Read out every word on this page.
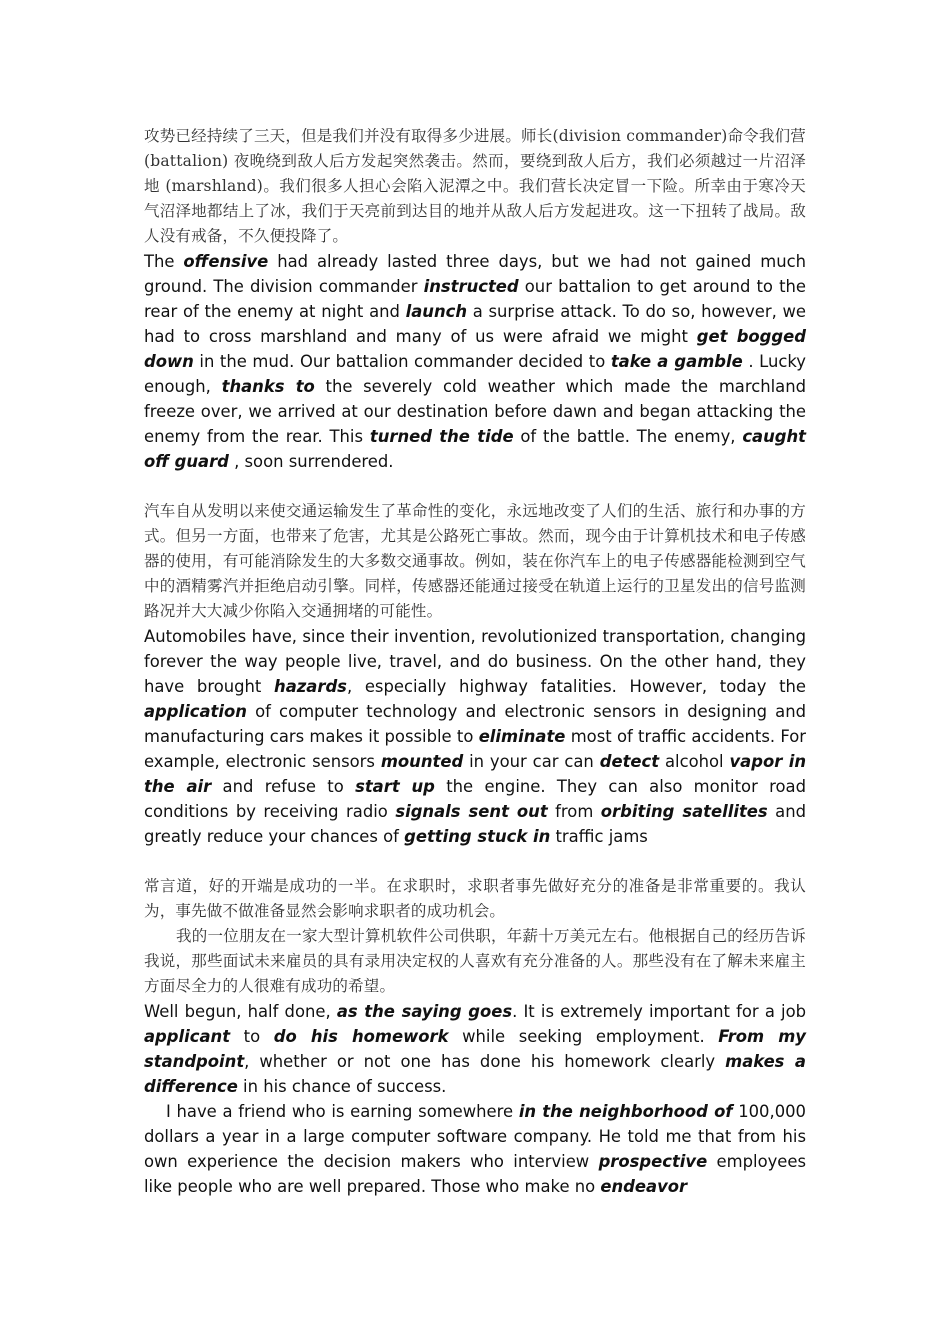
攻势已经持续了三天，但是我们并没有取得多少进展。师长(division commander)命令我们营(battalion) 夜晚绕到敌人后方发起突然袭击。然而，要绕到敌人后方，我们必须越过一片沼泽地 (marshland)。我们很多人担心会陷入泥潭之中。我们营长决定冒一下险。所幸由于寒冷天气沼泽地都结上了冰，我们于天亮前到达目的地并从敌人后方发起进攻。这一下扭转了战局。敌人没有戒备，不久便投降了。

The offensive had already lasted three days, but we had not gained much ground. The division commander instructed our battalion to get around to the rear of the enemy at night and launch a surprise attack. To do so, however, we had to cross marshland and many of us were afraid we might get bogged down in the mud. Our battalion commander decided to take a gamble . Lucky enough, thanks to the severely cold weather which made the marchland freeze over, we arrived at our destination before dawn and began attacking the enemy from the rear. This turned the tide of the battle. The enemy, caught off guard , soon surrendered.

汽车自从发明以来使交通运输发生了革命性的变化，永远地改变了人们的生活、旅行和办事的方式。但另一方面，也带来了危害，尤其是公路死亡事故。然而，现今由于计算机技术和电子传感器的使用，有可能消除发生的大多数交通事故。例如，装在你汽车上的电子传感器能检测到空气中的酒精雾汽并拒绝启动引擎。同样，传感器还能通过接受在轨道上运行的卫星发出的信号监测路况并大大减少你陷入交通拥堵的可能性。

Automobiles have, since their invention, revolutionized transportation, changing forever the way people live, travel, and do business. On the other hand, they have brought hazards, especially highway fatalities. However, today the application of computer technology and electronic sensors in designing and manufacturing cars makes it possible to eliminate most of traffic accidents. For example, electronic sensors mounted in your car can detect alcohol vapor in the air and refuse to start up the engine. They can also monitor road conditions by receiving radio signals sent out from orbiting satellites and greatly reduce your chances of getting stuck in traffic jams

常言道，好的开端是成功的一半。在求职时，求职者事先做好充分的准备是非常重要的。我认为，事先做不做准备显然会影响求职者的成功机会。

我的一位朋友在一家大型计算机软件公司供职，年薪十万美元左右。他根据自己的经历告诉我说，那些面试未来雇员的具有录用决定权的人喜欢有充分准备的人。那些没有在了解未来雇主方面尽全力的人很难有成功的希望。

Well begun, half done, as the saying goes. It is extremely important for a job applicant to do his homework while seeking employment. From my standpoint, whether or not one has done his homework clearly makes a difference in his chance of success.

I have a friend who is earning somewhere in the neighborhood of 100,000 dollars a year in a large computer software company. He told me that from his own experience the decision makers who interview prospective employees like people who are well prepared. Those who make no endeavor
